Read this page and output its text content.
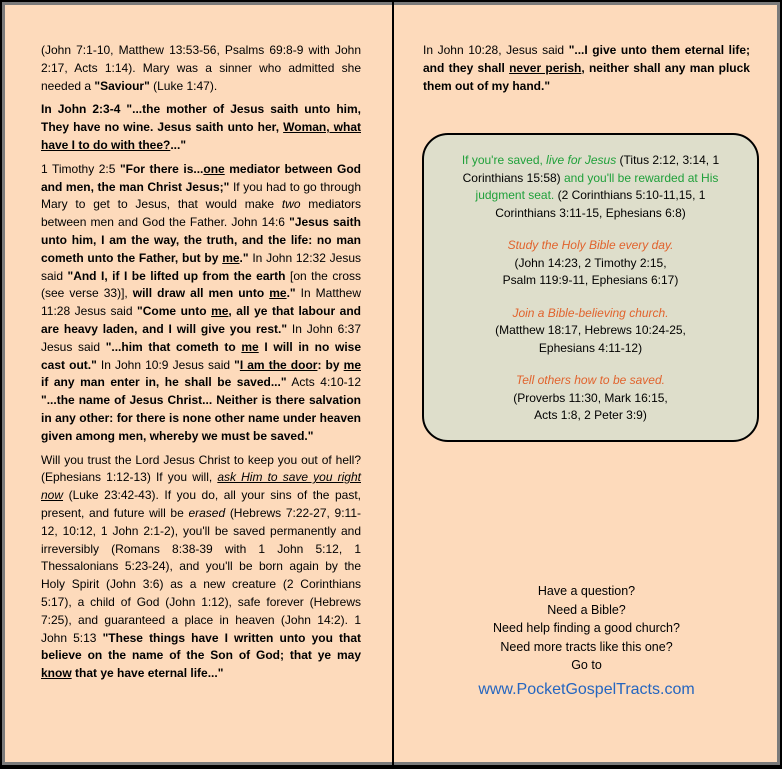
(John 7:1-10, Matthew 13:53-56, Psalms 69:8-9 with John 2:17, Acts 1:14). Mary was a sinner who admitted she needed a "Saviour" (Luke 1:47).

In John 2:3-4 "...the mother of Jesus saith unto him, They have no wine. Jesus saith unto her, Woman, what have I to do with thee?..."

1 Timothy 2:5 "For there is...one mediator between God and men, the man Christ Jesus;" If you had to go through Mary to get to Jesus, that would make two mediators between men and God the Father. John 14:6 "Jesus saith unto him, I am the way, the truth, and the life: no man cometh unto the Father, but by me." In John 12:32 Jesus said "And I, if I be lifted up from the earth [on the cross (see verse 33)], will draw all men unto me." In Matthew 11:28 Jesus said "Come unto me, all ye that labour and are heavy laden, and I will give you rest." In John 6:37 Jesus said "...him that cometh to me I will in no wise cast out." In John 10:9 Jesus said "I am the door: by me if any man enter in, he shall be saved..." Acts 4:10-12 "...the name of Jesus Christ... Neither is there salvation in any other: for there is none other name under heaven given among men, whereby we must be saved."

Will you trust the Lord Jesus Christ to keep you out of hell? (Ephesians 1:12-13) If you will, ask Him to save you right now (Luke 23:42-43). If you do, all your sins of the past, present, and future will be erased (Hebrews 7:22-27, 9:11-12, 10:12, 1 John 2:1-2), you'll be saved permanently and irreversibly (Romans 8:38-39 with 1 John 5:12, 1 Thessalonians 5:23-24), and you'll be born again by the Holy Spirit (John 3:6) as a new creature (2 Corinthians 5:17), a child of God (John 1:12), safe forever (Hebrews 7:25), and guaranteed a place in heaven (John 14:2). 1 John 5:13 "These things have I written unto you that believe on the name of the Son of God; that ye may know that ye have eternal life..."

In John 10:28, Jesus said "...I give unto them eternal life; and they shall never perish, neither shall any man pluck them out of my hand."
If you're saved, live for Jesus (Titus 2:12, 3:14, 1 Corinthians 15:58) and you'll be rewarded at His judgment seat. (2 Corinthians 5:10-11,15, 1 Corinthians 3:11-15, Ephesians 6:8)
Study the Holy Bible every day.
(John 14:23, 2 Timothy 2:15,
Psalm 119:9-11, Ephesians 6:17)
Join a Bible-believing church.
(Matthew 18:17, Hebrews 10:24-25,
Ephesians 4:11-12)
Tell others how to be saved.
(Proverbs 11:30, Mark 16:15,
Acts 1:8, 2 Peter 3:9)
Have a question?
Need a Bible?
Need help finding a good church?
Need more tracts like this one?
Go to
www.PocketGospelTracts.com
